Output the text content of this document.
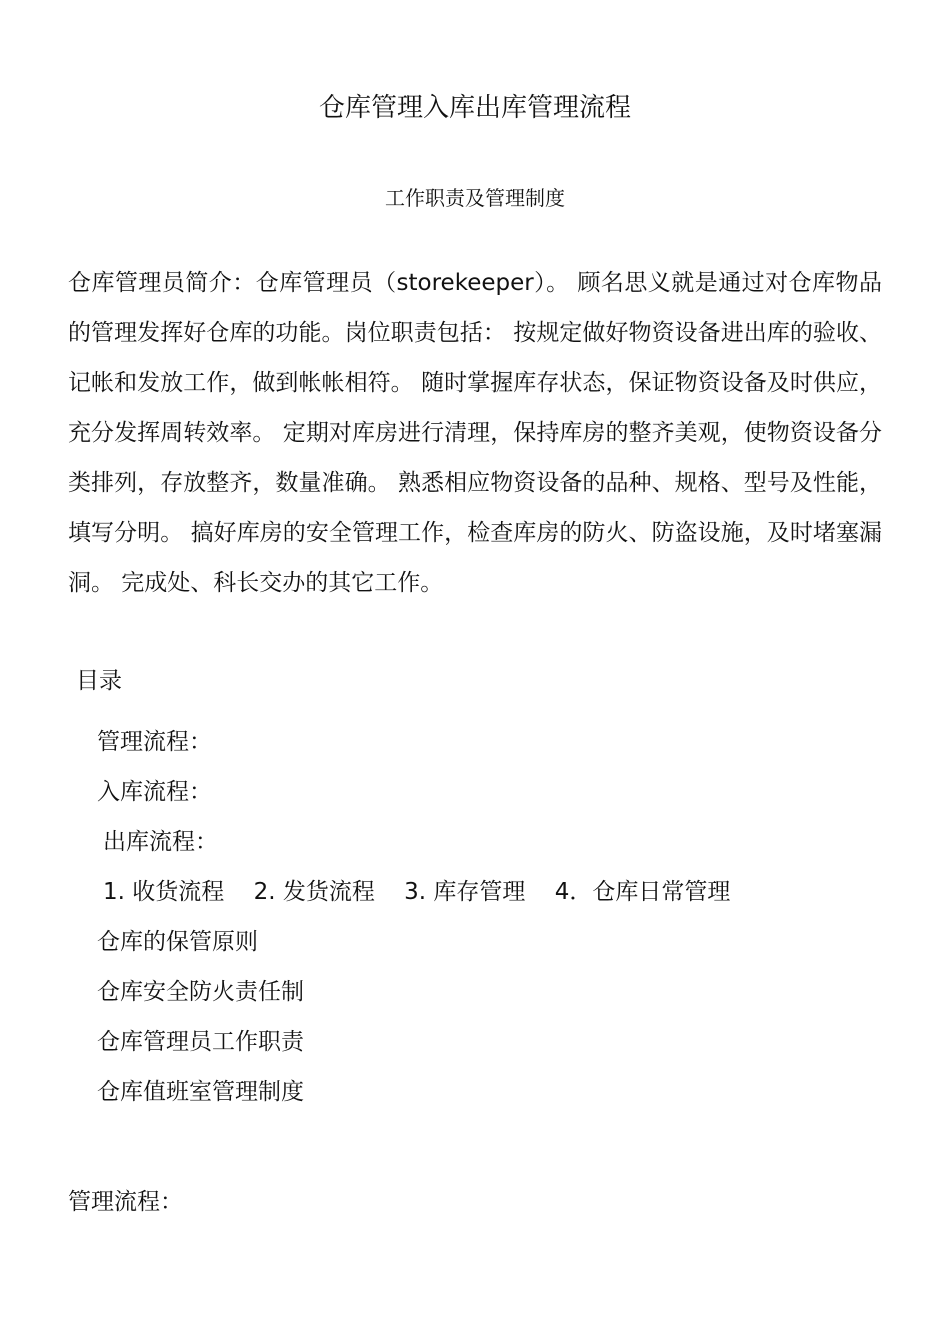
仓库管理入库出库管理流程
工作职责及管理制度

仓库管理员简介：仓库管理员（storekeeper）。 顾名思义就是通过对仓库物品的管理发挥好仓库的功能。岗位职责包括： 按规定做好物资设备进出库的验收、记帐和发放工作，做到帐帐相符。 随时掌握库存状态，保证物资设备及时供应，充分发挥周转效率。 定期对库房进行清理，保持库房的整齐美观，使物资设备分类排列，存放整齐，数量准确。 熟悉相应物资设备的品种、规格、型号及性能，填写分明。 搞好库房的安全管理工作，检查库房的防火、防盗设施，及时堵塞漏洞。 完成处、科长交办的其它工作。

目录
管理流程：
入库流程：
出库流程：
1. 收货流程 2. 发货流程 3. 库存管理 4．仓库日常管理
仓库的保管原则
仓库安全防火责任制
仓库管理员工作职责
仓库值班室管理制度
管理流程：
